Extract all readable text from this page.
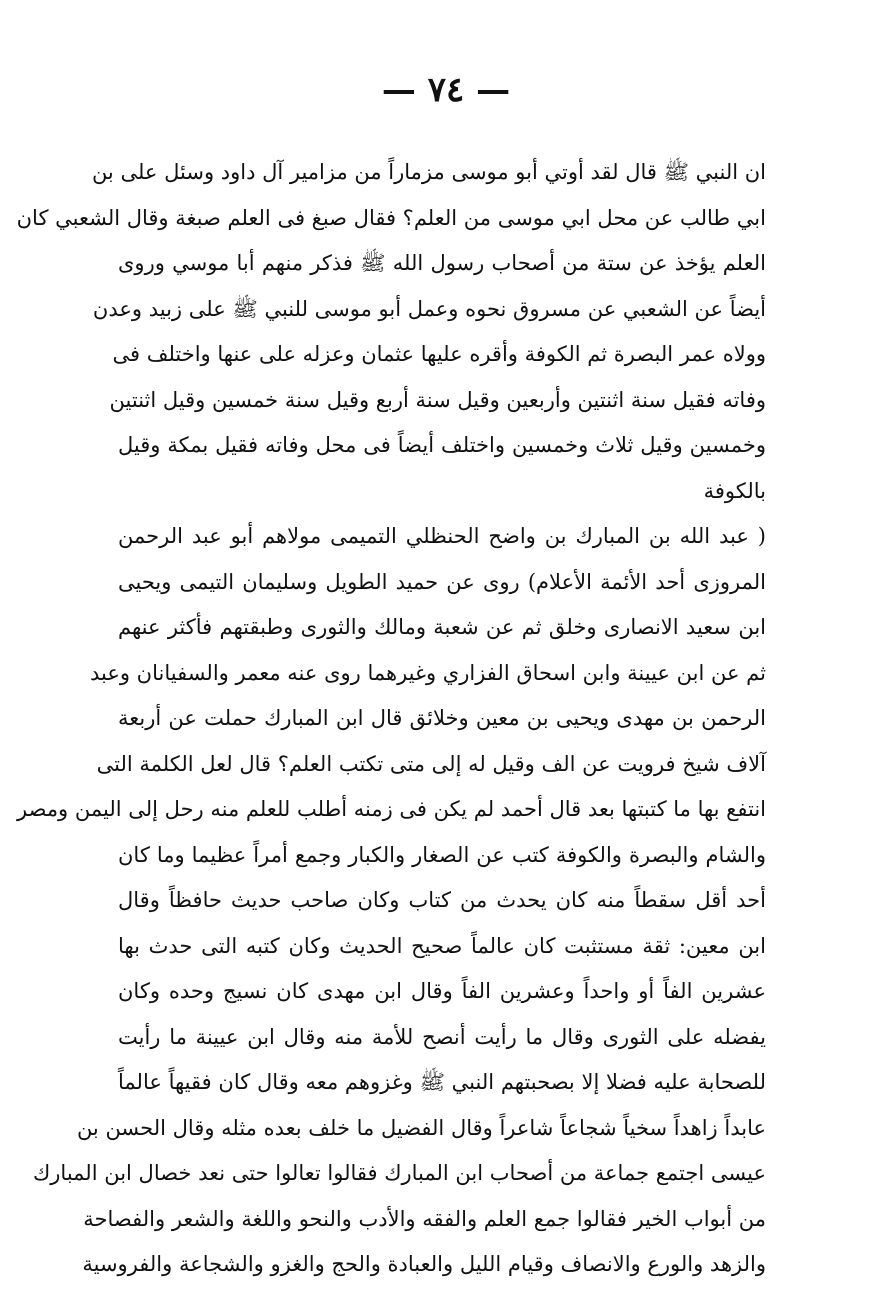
— ٧٤ —
ان النبي ﷺ قال لقد أوتي أبو موسى مزماراً من مزامير آل داود وسئل على بن
ابي طالب عن محل ابي موسى من العلم؟ فقال صبغ فى العلم صبغة وقال الشعبي كان
العلم يؤخذ عن ستة من أصحاب رسول الله ﷺ فذكر منهم أبا موسي وروى
أيضاً عن الشعبي عن مسروق نحوه وعمل أبو موسى للنبي ﷺ على زبيد وعدن
وولاه عمر البصرة ثم الكوفة وأقره عليها عثمان وعزله على عنها واختلف فى
وفاته فقيل سنة اثنتين وأربعين وقيل سنة أربع وقيل سنة خمسين وقيل اثنتين
وخمسين وقيل ثلاث وخمسين واختلف أيضاً فى محل وفاته فقيل بمكة وقيل
بالكوفة
( عبد الله بن المبارك بن واضح الحنظلي التميمى مولاهم أبو عبد الرحمن
المروزى أحد الأئمة الأعلام) روى عن حميد الطويل وسليمان التيمى ويحيى
ابن سعيد الانصارى وخلق ثم عن شعبة ومالك والثورى وطبقتهم فأكثر عنهم
ثم عن ابن عيينة وابن اسحاق الفزاري وغيرهما روى عنه معمر والسفيانان وعبد
الرحمن بن مهدى ويحيى بن معين وخلائق قال ابن المبارك حملت عن أربعة
آلاف شيخ فرويت عن الف وقيل له إلى متى تكتب العلم؟ قال لعل الكلمة التى
انتفع بها ما كتبتها بعد قال أحمد لم يكن فى زمنه أطلب للعلم منه رحل إلى اليمن ومصر
والشام والبصرة والكوفة كتب عن الصغار والكبار وجمع أمراً عظيما وما كان
أحد أقل سقطاً منه كان يحدث من كتاب وكان صاحب حديث حافظاً وقال
ابن معين: ثقة مستثبت كان عالماً صحيح الحديث وكان كتبه التى حدث بها
عشرين الفاً أو واحداً وعشرين الفاً وقال ابن مهدى كان نسيج وحده وكان
يفضله على الثورى وقال ما رأيت أنصح للأمة منه وقال ابن عيينة ما رأيت
للصحابة عليه فضلا إلا بصحبتهم النبي ﷺ وغزوهم معه وقال كان فقيهاً عالماً
عابداً زاهداً سخياً شجاعاً شاعراً وقال الفضيل ما خلف بعده مثله وقال الحسن بن
عيسى اجتمع جماعة من أصحاب ابن المبارك فقالوا تعالوا حتى نعد خصال ابن المبارك
من أبواب الخير فقالوا جمع العلم والفقه والأدب والنحو واللغة والشعر والفصاحة
والزهد والورع والانصاف وقيام الليل والعبادة والحج والغزو والشجاعة والفروسية
